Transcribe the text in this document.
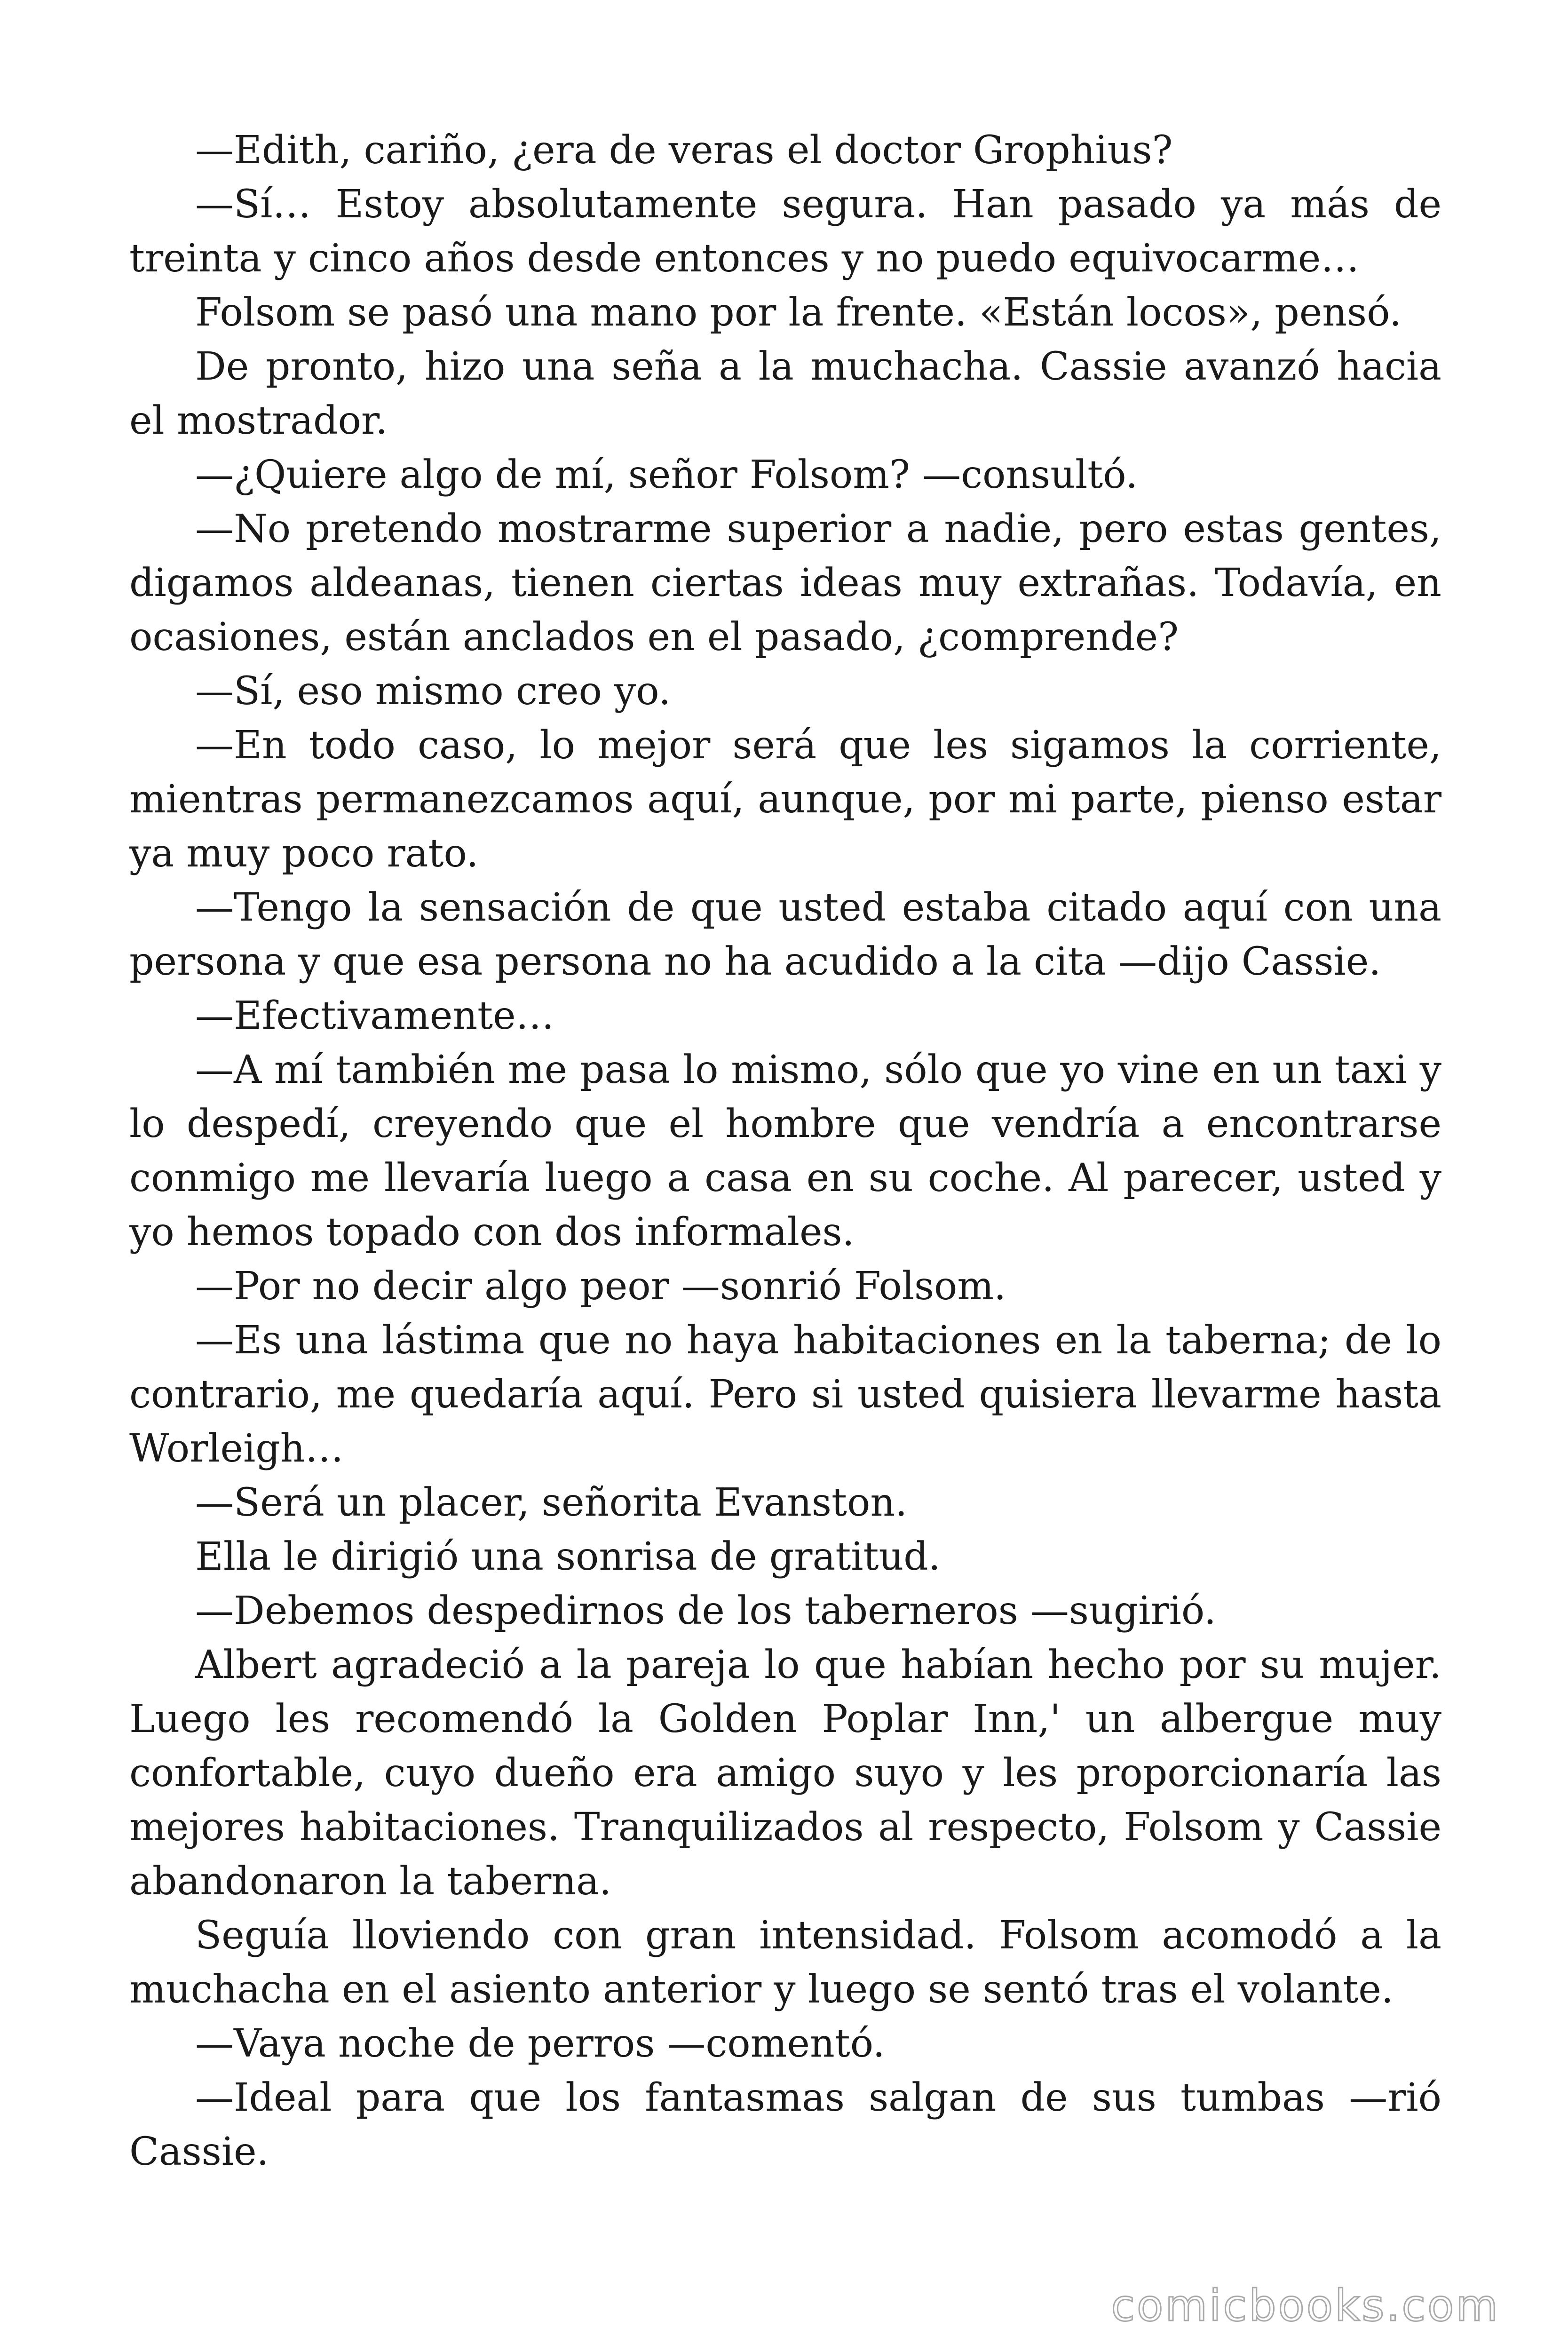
—Edith, cariño, ¿era de veras el doctor Grophius?

—Sí… Estoy absolutamente segura. Han pasado ya más de treinta y cinco años desde entonces y no puedo equivocarme…

Folsom se pasó una mano por la frente. «Están locos», pensó.

De pronto, hizo una seña a la muchacha. Cassie avanzó hacia el mostrador.

—¿Quiere algo de mí, señor Folsom? —consultó.

—No pretendo mostrarme superior a nadie, pero estas gentes, digamos aldeanas, tienen ciertas ideas muy extrañas. Todavía, en ocasiones, están anclados en el pasado, ¿comprende?

—Sí, eso mismo creo yo.

—En todo caso, lo mejor será que les sigamos la corriente, mientras permanezcamos aquí, aunque, por mi parte, pienso estar ya muy poco rato.

—Tengo la sensación de que usted estaba citado aquí con una persona y que esa persona no ha acudido a la cita —dijo Cassie.

—Efectivamente…

—A mí también me pasa lo mismo, sólo que yo vine en un taxi y lo despedí, creyendo que el hombre que vendría a encontrarse conmigo me llevaría luego a casa en su coche. Al parecer, usted y yo hemos topado con dos informales.

—Por no decir algo peor —sonrió Folsom.

—Es una lástima que no haya habitaciones en la taberna; de lo contrario, me quedaría aquí. Pero si usted quisiera llevarme hasta Worleigh…

—Será un placer, señorita Evanston.

Ella le dirigió una sonrisa de gratitud.

—Debemos despedirnos de los taberneros —sugirió.

Albert agradeció a la pareja lo que habían hecho por su mujer. Luego les recomendó la Golden Poplar Inn,' un albergue muy confortable, cuyo dueño era amigo suyo y les proporcionaría las mejores habitaciones. Tranquilizados al respecto, Folsom y Cassie abandonaron la taberna.

Seguía lloviendo con gran intensidad. Folsom acomodó a la muchacha en el asiento anterior y luego se sentó tras el volante.

—Vaya noche de perros —comentó.

—Ideal para que los fantasmas salgan de sus tumbas —rió Cassie.

comicbooks.com
